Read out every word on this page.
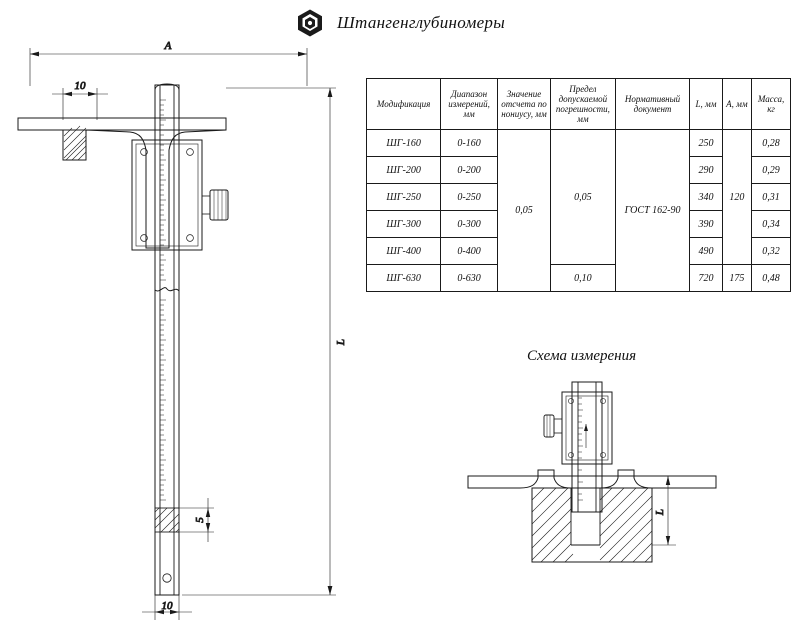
Штангенглубиномеры
A
10
L
5
10
L
Схема измерения
Модификация	Диапазон измерений, мм	Значение отсчета по нониусу, мм	Предел допускаемой погрешности, мм	Нормативный документ	L, мм	A, мм	Масса, кг
ШГ-160	0-160	0,05	0,05	ГОСТ 162-90	250	120	0,28
ШГ-200	0-200				290		0,29
ШГ-250	0-250				340		0,31
ШГ-300	0-300				390		0,34
ШГ-400	0-400				490		0,32
ШГ-630	0-630		0,10		720	175	0,48
